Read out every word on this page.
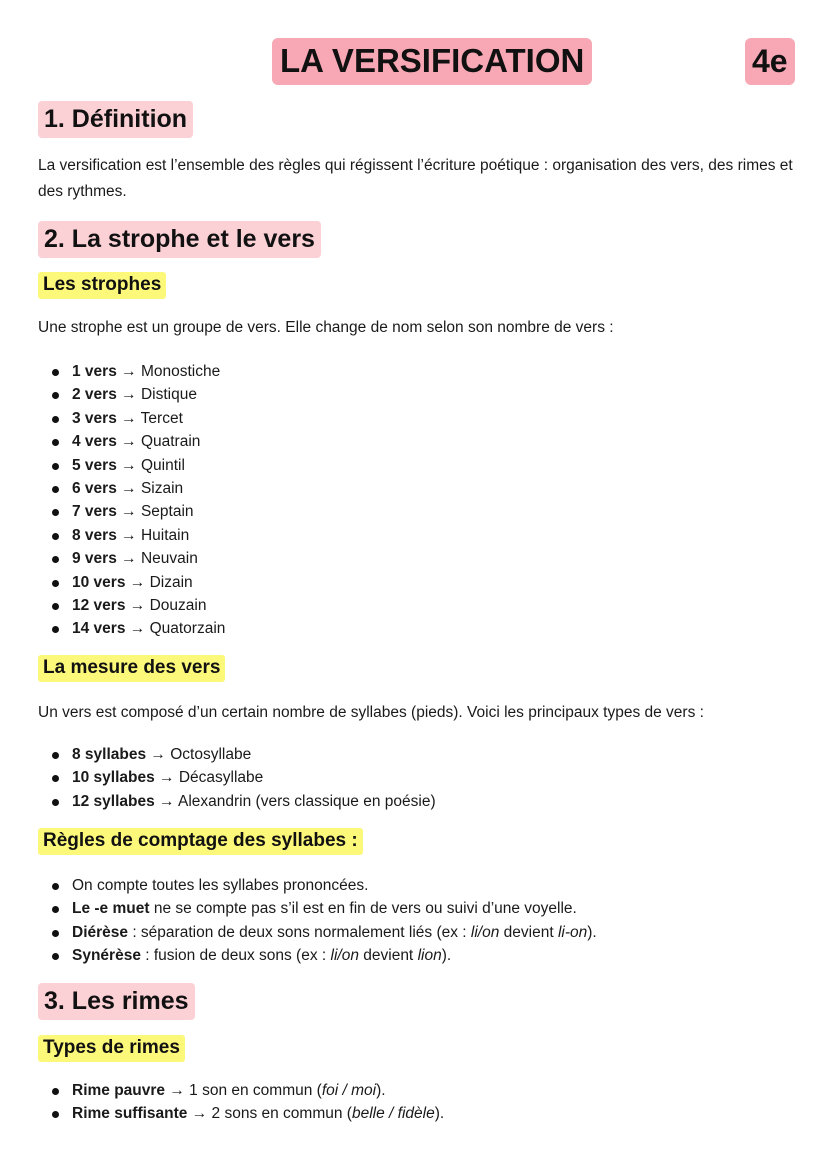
LA VERSIFICATION	4e
1. Définition
La versification est l’ensemble des règles qui régissent l’écriture poétique : organisation des vers, des rimes et des rythmes.
2. La strophe et le vers
Les strophes
Une strophe est un groupe de vers. Elle change de nom selon son nombre de vers :
1 vers → Monostiche
2 vers → Distique
3 vers → Tercet
4 vers → Quatrain
5 vers → Quintil
6 vers → Sizain
7 vers → Septain
8 vers → Huitain
9 vers → Neuvain
10 vers → Dizain
12 vers → Douzain
14 vers → Quatorzain
La mesure des vers
Un vers est composé d’un certain nombre de syllabes (pieds). Voici les principaux types de vers :
8 syllabes → Octosyllabe
10 syllabes → Décasyllabe
12 syllabes → Alexandrin (vers classique en poésie)
Règles de comptage des syllabes :
On compte toutes les syllabes prononcées.
Le -e muet ne se compte pas s’il est en fin de vers ou suivi d’une voyelle.
Diérèse : séparation de deux sons normalement liés (ex : li/on devient li-on).
Synérèse : fusion de deux sons (ex : li/on devient lion).
3. Les rimes
Types de rimes
Rime pauvre → 1 son en commun (foi / moi).
Rime suffisante → 2 sons en commun (belle / fidèle).
